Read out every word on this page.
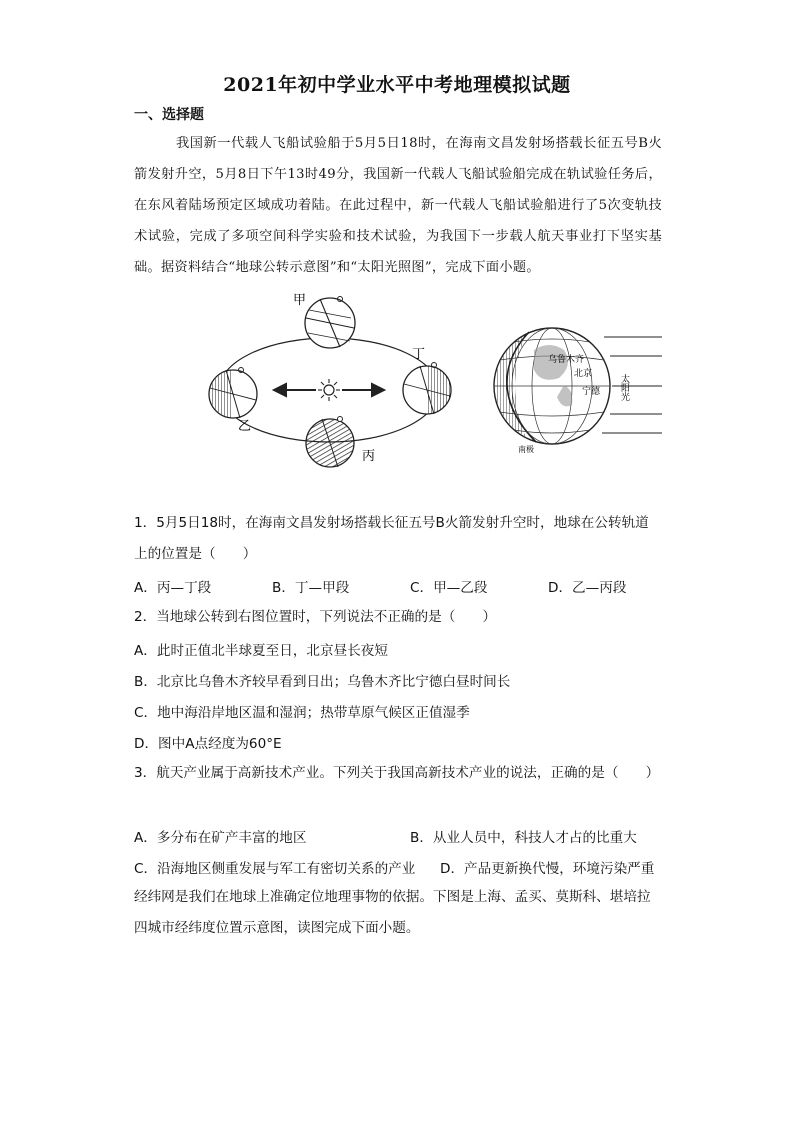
2021年初中学业水平中考地理模拟试题
一、选择题
我国新一代载人飞船试验船于5月5日18时，在海南文昌发射场搭载长征五号B火箭发射升空，5月8日下午13时49分，我国新一代载人飞船试验船完成在轨试验任务后，在东风着陆场预定区域成功着陆。在此过程中，新一代载人飞船试验船进行了5次变轨技术试验，完成了多项空间科学实验和技术试验，为我国下一步载人航天事业打下坚实基础。据资料结合“地球公转示意图”和“太阳光照图”，完成下面小题。
甲
乙
丁
丙
乌鲁木齐
北京
宁德
南极
太阳光
1．5月5日18时，在海南文昌发射场搭载长征五号B火箭发射升空时，地球在公转轨道上的位置是（　　）
A．丙—丁段	B．丁—甲段	C．甲—乙段	D．乙—丙段
2．当地球公转到右图位置时，下列说法不正确的是（　　）
A．此时正值北半球夏至日，北京昼长夜短
B．北京比乌鲁木齐较早看到日出；乌鲁木齐比宁德白昼时间长
C．地中海沿岸地区温和湿润；热带草原气候区正值湿季
D．图中A点经度为60°E
3．航天产业属于高新技术产业。下列关于我国高新技术产业的说法，正确的是（　　）
A．多分布在矿产丰富的地区	B．从业人员中，科技人才占的比重大
C．沿海地区侧重发展与军工有密切关系的产业 D．产品更新换代慢，环境污染严重
经纬网是我们在地球上准确定位地理事物的依据。下图是上海、孟买、莫斯科、堪培拉四城市经纬度位置示意图，读图完成下面小题。
